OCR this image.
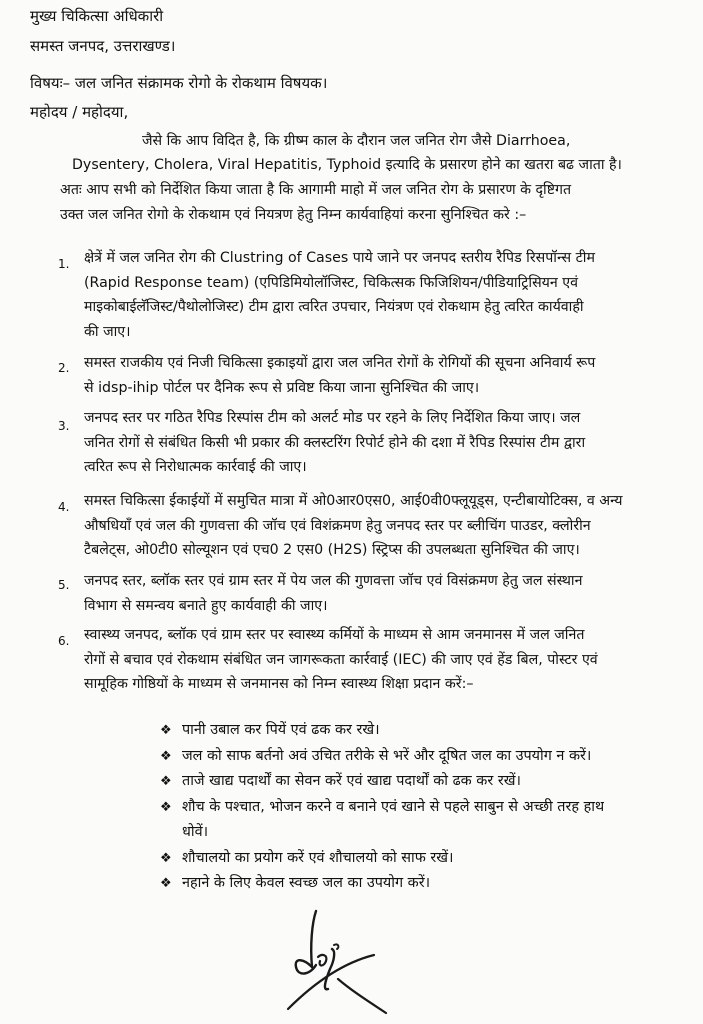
मुख्य चिकित्सा अधिकारी
समस्त जनपद, उत्तराखण्ड।
विषयः– जल जनित संक्रामक रोगो के रोकथाम विषयक।
महोदय / महोदया,
जैसे कि आप विदित है, कि ग्रीष्म काल के दौरान जल जनित रोग जैसे Diarrhoea,
Dysentery, Cholera, Viral Hepatitis, Typhoid इत्यादि के प्रसारण होने का खतरा बढ जाता है।
अतः आप सभी को निर्देशित किया जाता है कि आगामी माहो में जल जनित रोग के प्रसारण के दृष्टिगत
उक्त जल जनित रोगो के रोकथाम एवं नियत्रण हेतु निम्न कार्यवाहियां करना सुनिश्चित करे :–
1. क्षेत्रें में जल जनित रोग की Clustring of Cases पाये जाने पर जनपद स्तरीय रैपिड रिसपॉन्स टीम
(Rapid Response team) (एपिडिमियोलॉजिस्ट, चिकित्सक फिजिशियन/पीडियाट्रिसियन एवं
माइकोबाईलॅजिस्ट/पैथोलोजिस्ट) टीम द्वारा त्वरित उपचार, नियंत्रण एवं रोकथाम हेतु त्वरित कार्यवाही
की जाए।
2. समस्त राजकीय एवं निजी चिकित्सा इकाइयों द्वारा जल जनित रोगों के रोगियों की सूचना अनिवार्य रूप
से idsp-ihip पोर्टल पर दैनिक रूप से प्रविष्ट किया जाना सुनिश्चित की जाए।
3. जनपद स्तर पर गठित रैपिड रिस्पांस टीम को अलर्ट मोड पर रहने के लिए निर्देशित किया जाए। जल
जनित रोगों से संबंधित किसी भी प्रकार की क्लस्टरिंग रिपोर्ट होने की दशा में रैपिड रिस्पांस टीम द्वारा
त्वरित रूप से निरोधात्मक कार्रवाई की जाए।
4. समस्त चिकित्सा ईकाईयों में समुचित मात्रा में ओ0आर0एस0, आई0वी0फ्लूयूड्स, एन्टीबायोटिक्स, व अन्य
औषधियाँ एवं जल की गुणवत्ता की जॉच एवं विशंक्रमण हेतु जनपद स्तर पर ब्लीचिंग पाउडर, क्लोरीन
टैबलेट्स, ओ0टी0 सोल्यूशन एवं एच0 2 एस0 (H2S) स्ट्रिप्स की उपलब्धता सुनिश्चित की जाए।
5. जनपद स्तर, ब्लॉक स्तर एवं ग्राम स्तर में पेय जल की गुणवत्ता जॉच एवं विसंक्रमण हेतु जल संस्थान
विभाग से समन्वय बनाते हुए कार्यवाही की जाए।
6. स्वास्थ्य जनपद, ब्लॉक एवं ग्राम स्तर पर स्वास्थ्य कर्मियों के माध्यम से आम जनमानस में जल जनित
रोगों से बचाव एवं रोकथाम संबंधित जन जागरूकता कार्रवाई (IEC) की जाए एवं हेंड बिल, पोस्टर एवं
सामूहिक गोष्ठियों के माध्यम से जनमानस को निम्न स्वास्थ्य शिक्षा प्रदान करें:–
❖ पानी उबाल कर पियें एवं ढक कर रखे।
❖ जल को साफ बर्तनो अवं उचित तरीके से भरें और दूषित जल का उपयोग न करें।
❖ ताजे खाद्य पदार्थों का सेवन करें एवं खाद्य पदार्थों को ढक कर रखें।
❖ शौच के पश्चात, भोजन करने व बनाने एवं खाने से पहले साबुन से अच्छी तरह हाथ
धोवें।
❖ शौचालयो का प्रयोग करें एवं शौचालयो को साफ रखें।
❖ नहाने के लिए केवल स्वच्छ जल का उपयोग करें।
